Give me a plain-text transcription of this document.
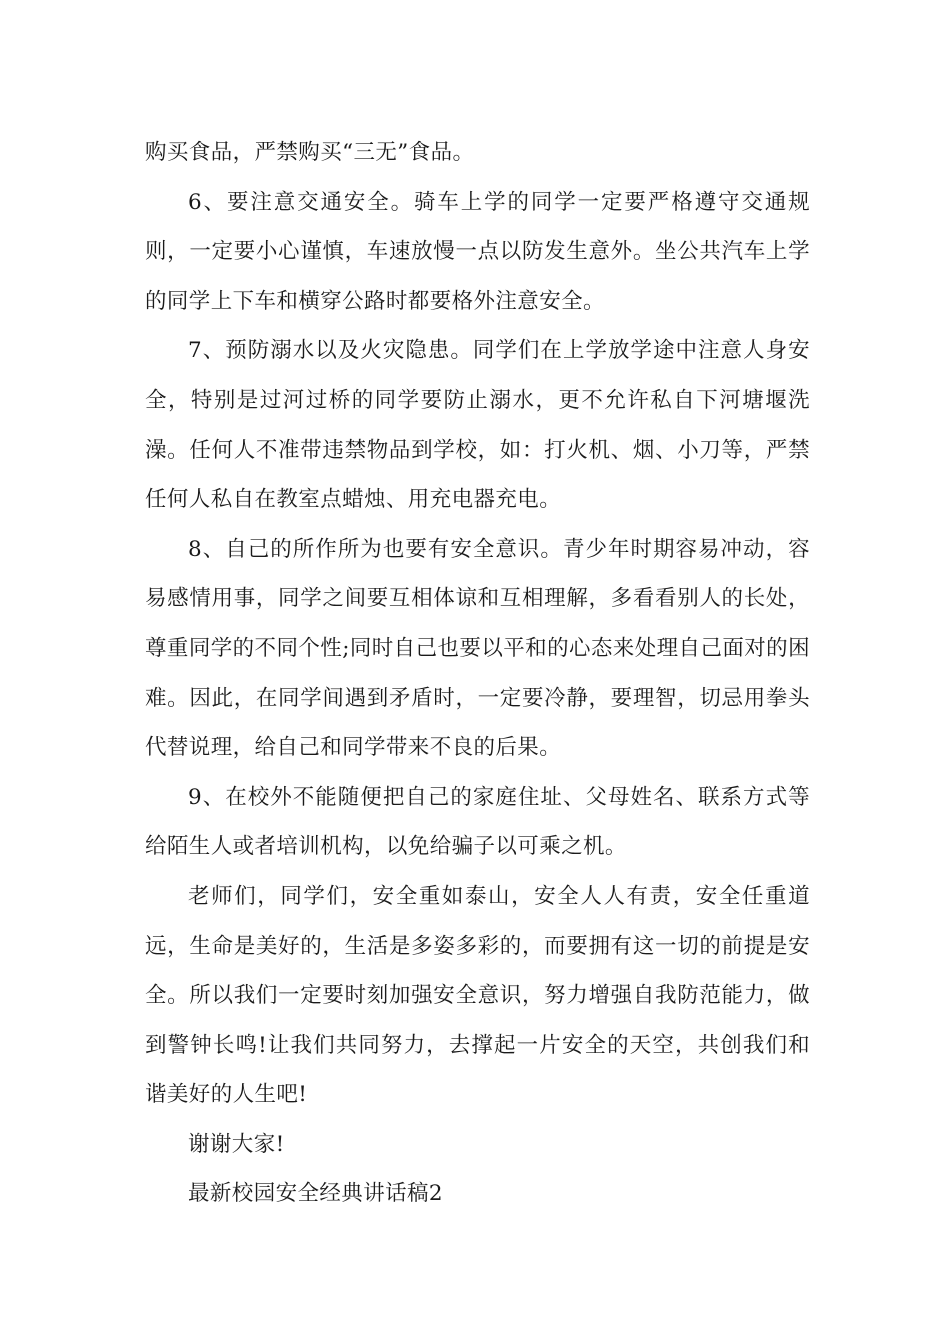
购买食品，严禁购买“三无”食品。

6、要注意交通安全。骑车上学的同学一定要严格遵守交通规则，一定要小心谨慎，车速放慢一点以防发生意外。坐公共汽车上学的同学上下车和横穿公路时都要格外注意安全。

7、预防溺水以及火灾隐患。同学们在上学放学途中注意人身安全，特别是过河过桥的同学要防止溺水，更不允许私自下河塘堰洗澡。任何人不准带违禁物品到学校，如：打火机、烟、小刀等，严禁任何人私自在教室点蜡烛、用充电器充电。

8、自己的所作所为也要有安全意识。青少年时期容易冲动，容易感情用事，同学之间要互相体谅和互相理解，多看看别人的长处，尊重同学的不同个性;同时自己也要以平和的心态来处理自己面对的困难。因此，在同学间遇到矛盾时，一定要冷静，要理智，切忌用拳头代替说理，给自己和同学带来不良的后果。

9、在校外不能随便把自己的家庭住址、父母姓名、联系方式等给陌生人或者培训机构，以免给骗子以可乘之机。

老师们，同学们，安全重如泰山，安全人人有责，安全任重道远，生命是美好的，生活是多姿多彩的，而要拥有这一切的前提是安全。所以我们一定要时刻加强安全意识，努力增强自我防范能力，做到警钟长鸣!让我们共同努力，去撑起一片安全的天空，共创我们和谐美好的人生吧!

谢谢大家!

最新校园安全经典讲话稿2
